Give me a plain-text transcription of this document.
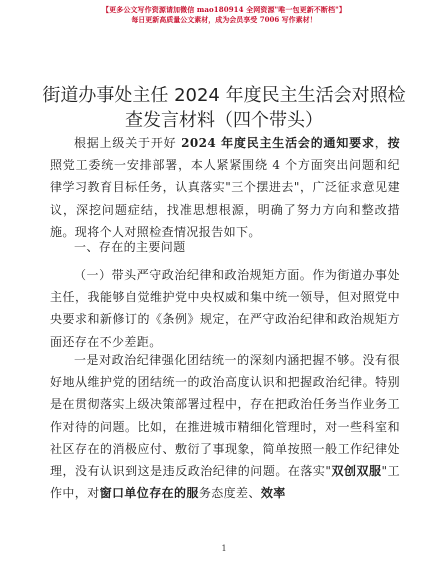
【更多公文写作资源请加微信 mao180914 全网资源"唯一包更新不断档"】
每日更新高质量公文素材，成为会员享受 7006 写作素材！
街道办事处主任 2024 年度民主生活会对照检查发言材料（四个带头）

根据上级关于开好 2024 年度民主生活会的通知要求，按照党工委统一安排部署，本人紧紧围绕 4 个方面突出问题和纪律学习教育目标任务，认真落实"三个摆进去"，广泛征求意见建议，深挖问题症结，找准思想根源，明确了努力方向和整改措施。现将个人对照检查情况报告如下。

一、存在的主要问题

（一）带头严守政治纪律和政治规矩方面。作为街道办事处主任，我能够自觉维护党中央权威和集中统一领导，但对照党中央要求和新修订的《条例》规定，在严守政治纪律和政治规矩方面还存在不少差距。

一是对政治纪律强化团结统一的深刻内涵把握不够。没有很好地从维护党的团结统一的政治高度认识和把握政治纪律。特别是在贯彻落实上级决策部署过程中，存在把政治任务当作业务工作对待的问题。比如，在推进城市精细化管理时，对一些科室和社区存在的消极应付、敷衍了事现象，简单按照一般工作纪律处理，没有认识到这是违反政治纪律的问题。在落实"双创双服"工作中，对窗口单位存在的服务态度差、效率

1
